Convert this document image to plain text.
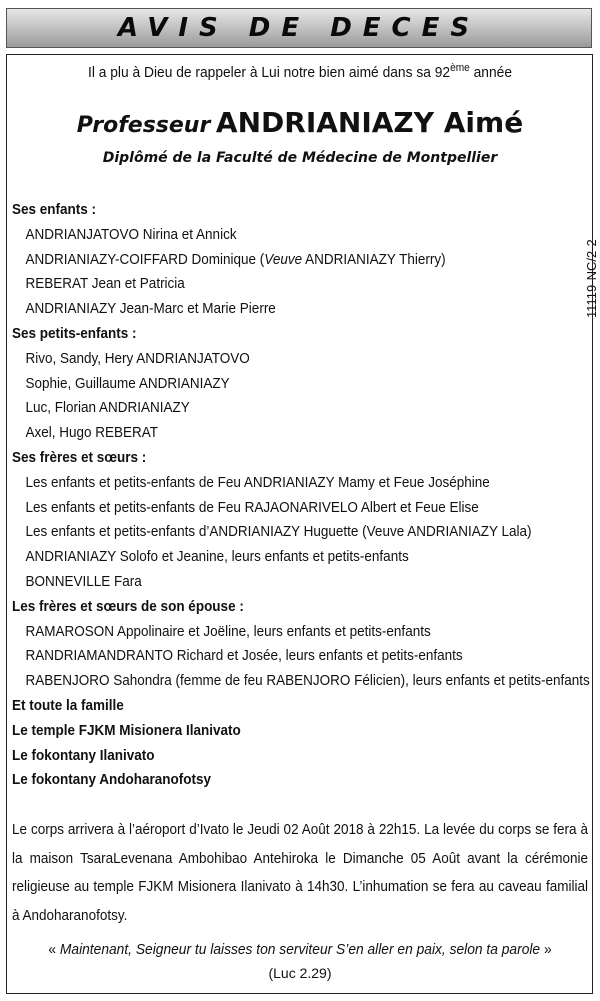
AVIS DE DECES
Il a plu à Dieu de rappeler à Lui notre bien aimé dans sa 92ème année
Professeur ANDRIANIAZY Aimé
Diplômé de la Faculté de Médecine de Montpellier
11119-NC/2-2
Ses enfants :
ANDRIANJATOVO Nirina et Annick
ANDRIANIAZY-COIFFARD Dominique (Veuve ANDRIANIAZY Thierry)
REBERAT Jean et Patricia
ANDRIANIAZY Jean-Marc et Marie Pierre
Ses petits-enfants :
Rivo, Sandy, Hery ANDRIANJATOVO
Sophie, Guillaume ANDRIANIAZY
Luc, Florian ANDRIANIAZY
Axel, Hugo REBERAT
Ses frères et sœurs :
Les enfants et petits-enfants de Feu ANDRIANIAZY Mamy et Feue Joséphine
Les enfants et petits-enfants de Feu RAJAONARIVELO Albert et Feue Elise
Les enfants et petits-enfants d’ANDRIANIAZY Huguette (Veuve ANDRIANIAZY Lala)
ANDRIANIAZY Solofo et Jeanine, leurs enfants et petits-enfants
BONNEVILLE Fara
Les frères et sœurs de son épouse :
RAMAROSON Appolinaire et Joëline, leurs enfants et petits-enfants
RANDRIAMANDRANTO Richard et Josée, leurs enfants et petits-enfants
RABENJORO Sahondra (femme de feu RABENJORO Félicien), leurs enfants et petits-enfants
Et toute la famille
Le temple FJKM Misionera Ilanivato
Le fokontany Ilanivato
Le fokontany Andoharanofotsy
Le corps arrivera à l’aéroport d’Ivato le Jeudi 02 Août 2018 à 22h15. La levée du corps se fera à la maison TsaraLevenana Ambohibao Antehiroka le Dimanche 05 Août avant la cérémonie religieuse au temple FJKM Misionera Ilanivato à 14h30. L’inhumation se fera au caveau familial à Andoharanofotsy.
« Maintenant, Seigneur tu laisses ton serviteur S’en aller en paix, selon ta parole »
(Luc 2.29)
